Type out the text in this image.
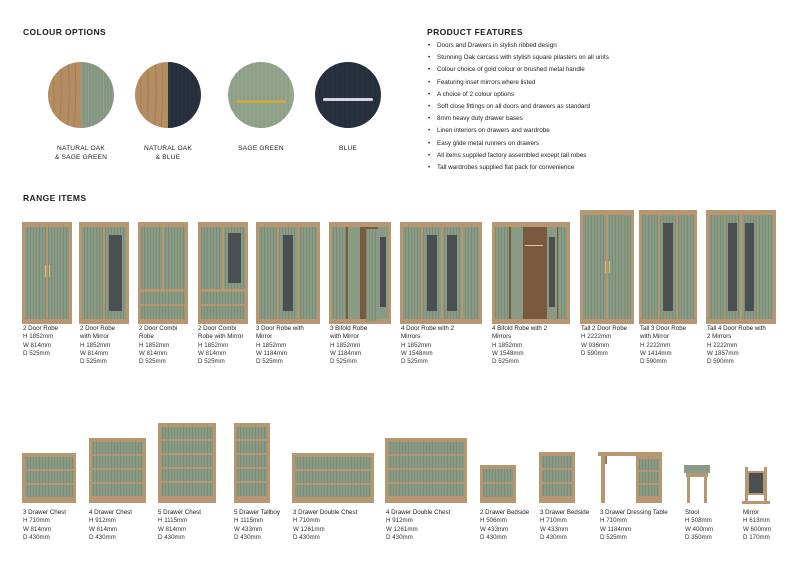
COLOUR OPTIONS
NATURAL OAK
& SAGE GREEN
NATURAL OAK
& BLUE
SAGE GREEN	BLUE
PRODUCT FEATURES
• Doors and Drawers in stylish ribbed design
• Stunning Oak carcass with stylish square pilasters on all units
• Colour choice of gold colour or brushed metal handle
• Featuring inset mirrors where listed
• A choice of 2 colour options
• Soft close fittings on all doors and drawers as standard
• 8mm heavy duty drawer bases
• Linen interiors on drawers and wardrobe
• Easy glide metal runners on drawers
• All items supplied factory assembled except tall robes
• Tall wardrobes supplied flat pack for convenience
RANGE ITEMS
2 Door Robe
H 1852mm
W 814mm
D 525mm
2 Door Robe
with Mirror
H 1852mm
W 814mm
D 525mm
2 Door Combi
Robe
H 1852mm
W 814mm
D 525mm
2 Door Combi
Robe with Mirror
H 1852mm
W 814mm
D 525mm
3 Door Robe with
Mirror
H 1852mm
W 1184mm
D 525mm
3 Bifold Robe
with Mirror
H 1852mm
W 1184mm
D 525mm
4 Door Robe with 2
Mirrors
H 1852mm
W 1548mm
D 525mm
4 Bifold Robe with 2
Mirrors
H 1852mm
W 1548mm
D 525mm
Tall 2 Door Robe
H 2222mm
W 936mm
D 590mm
Tall 3 Door Robe
with Mirror
H 2222mm
W 1414mm
D 590mm
Tall 4 Door Robe with
2 Mirrors
H 2222mm
W 1857mm
D 590mm
3 Drawer Chest
H 710mm
W 814mm
D 430mm
4 Drawer Chest
H 912mm
W 814mm
D 430mm
5 Drawer Chest
H 1115mm
W 814mm
D 430mm
5 Drawer Tallboy
H 1115mm
W 433mm
D 430mm
3 Drawer Double Chest
H 710mm
W 1261mm
D 430mm
4 Drawer Double Chest
H 912mm
W 1261mm
D 430mm
2 Drawer Bedside
H 506mm
W 433mm
D 430mm
3 Drawer Bedside
H 710mm
W 433mm
D 430mm
3 Drawer Dressing Table
H 710mm
W 1184mm
D 525mm
Stool
H 508mm
W 400mm
D 350mm
Mirror
H 613mm
W 600mm
D 170mm
